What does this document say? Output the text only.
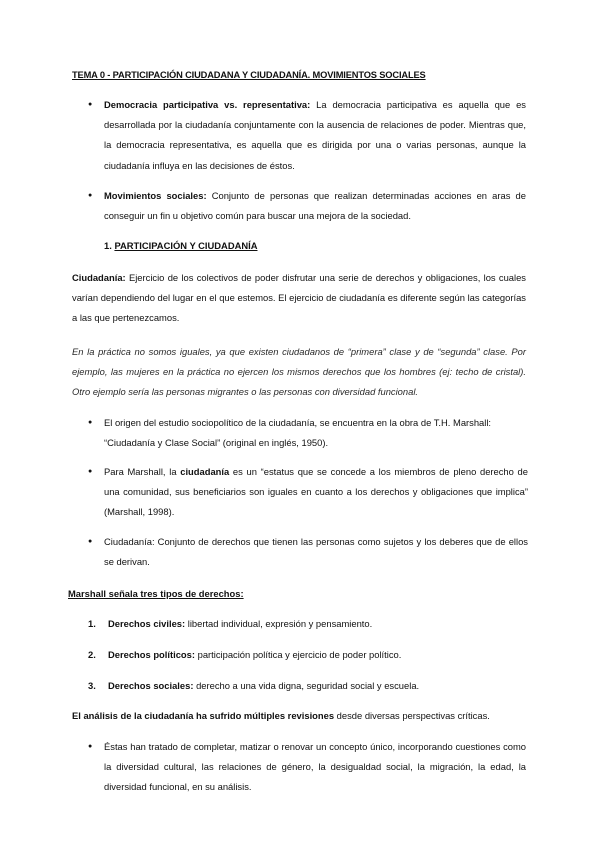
TEMA 0 - PARTICIPACIÓN CIUDADANA Y CIUDADANÍA. MOVIMIENTOS SOCIALES
● Democracia participativa vs. representativa: La democracia participativa es aquella que es desarrollada por la ciudadanía conjuntamente con la ausencia de relaciones de poder. Mientras que, la democracia representativa, es aquella que es dirigida por una o varias personas, aunque la ciudadanía influya en las decisiones de éstos.
● Movimientos sociales: Conjunto de personas que realizan determinadas acciones en aras de conseguir un fin u objetivo común para buscar una mejora de la sociedad.
1. PARTICIPACIÓN Y CIUDADANÍA
Ciudadanía: Ejercicio de los colectivos de poder disfrutar una serie de derechos y obligaciones, los cuales varían dependiendo del lugar en el que estemos. El ejercicio de ciudadanía es diferente según las categorías a las que pertenezcamos.
En la práctica no somos iguales, ya que existen ciudadanos de “primera” clase y de “segunda” clase. Por ejemplo, las mujeres en la práctica no ejercen los mismos derechos que los hombres (ej: techo de cristal). Otro ejemplo sería las personas migrantes o las personas con diversidad funcional.
● El origen del estudio sociopolítico de la ciudadanía, se encuentra en la obra de T.H. Marshall: “Ciudadanía y Clase Social” (original en inglés, 1950).
● Para Marshall, la ciudadanía es un “estatus que se concede a los miembros de pleno derecho de una comunidad, sus beneficiarios son iguales en cuanto a los derechos y obligaciones que implica” (Marshall, 1998).
● Ciudadanía: Conjunto de derechos que tienen las personas como sujetos y los deberes que de ellos se derivan.
Marshall señala tres tipos de derechos:
1. Derechos civiles: libertad individual, expresión y pensamiento.
2. Derechos políticos: participación política y ejercicio de poder político.
3. Derechos sociales: derecho a una vida digna, seguridad social y escuela.
El análisis de la ciudadanía ha sufrido múltiples revisiones desde diversas perspectivas críticas.
● Éstas han tratado de completar, matizar o renovar un concepto único, incorporando cuestiones como la diversidad cultural, las relaciones de género, la desigualdad social, la migración, la edad, la diversidad funcional, en su análisis.
